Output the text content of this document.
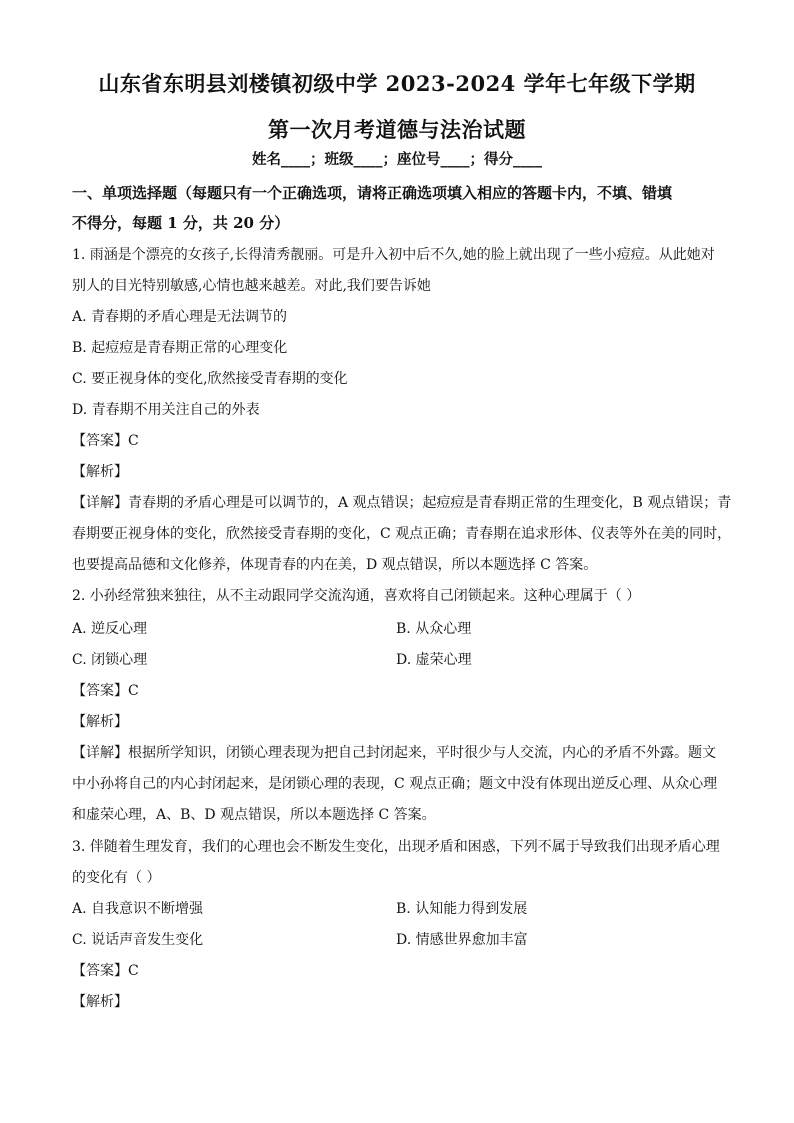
山东省东明县刘楼镇初级中学 2023-2024 学年七年级下学期
第一次月考道德与法治试题
姓名____；班级____；座位号____；得分____
一、单项选择题（每题只有一个正确选项，请将正确选项填入相应的答题卡内，不填、错填
不得分，每题 1 分，共 20 分）
1. 雨涵是个漂亮的女孩子,长得清秀靓丽。可是升入初中后不久,她的脸上就出现了一些小痘痘。从此她对
别人的目光特别敏感,心情也越来越差。对此,我们要告诉她
A. 青春期的矛盾心理是无法调节的
B. 起痘痘是青春期正常的心理变化
C. 要正视身体的变化,欣然接受青春期的变化
D. 青春期不用关注自己的外表
【答案】C
【解析】
【详解】青春期的矛盾心理是可以调节的，A 观点错误；起痘痘是青春期正常的生理变化，B 观点错误；青
春期要正视身体的变化，欣然接受青春期的变化，C 观点正确；青春期在追求形体、仪表等外在美的同时，
也要提高品德和文化修养，体现青春的内在美，D 观点错误，所以本题选择 C 答案。
2. 小孙经常独来独往，从不主动跟同学交流沟通，喜欢将自己闭锁起来。这种心理属于（ ）
A. 逆反心理	B. 从众心理
C. 闭锁心理	D. 虚荣心理
【答案】C
【解析】
【详解】根据所学知识，闭锁心理表现为把自己封闭起来，平时很少与人交流，内心的矛盾不外露。题文
中小孙将自己的内心封闭起来，是闭锁心理的表现，C 观点正确；题文中没有体现出逆反心理、从众心理
和虚荣心理，A、B、D 观点错误，所以本题选择 C 答案。
3. 伴随着生理发育，我们的心理也会不断发生变化，出现矛盾和困惑，下列不属于导致我们出现矛盾心理
的变化有（ ）
A. 自我意识不断增强	B. 认知能力得到发展
C. 说话声音发生变化	D. 情感世界愈加丰富
【答案】C
【解析】
